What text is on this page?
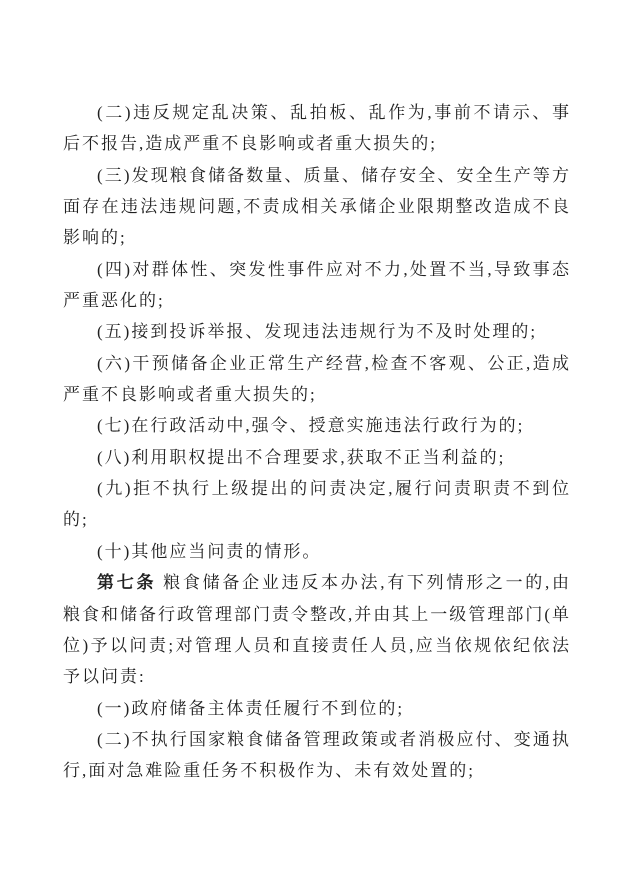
(二)违反规定乱决策、乱拍板、乱作为,事前不请示、事后不报告,造成严重不良影响或者重大损失的;

(三)发现粮食储备数量、质量、储存安全、安全生产等方面存在违法违规问题,不责成相关承储企业限期整改造成不良影响的;

(四)对群体性、突发性事件应对不力,处置不当,导致事态严重恶化的;

(五)接到投诉举报、发现违法违规行为不及时处理的;

(六)干预储备企业正常生产经营,检查不客观、公正,造成严重不良影响或者重大损失的;

(七)在行政活动中,强令、授意实施违法行政行为的;

(八)利用职权提出不合理要求,获取不正当利益的;

(九)拒不执行上级提出的问责决定,履行问责职责不到位的;

(十)其他应当问责的情形。

第七条 粮食储备企业违反本办法,有下列情形之一的,由粮食和储备行政管理部门责令整改,并由其上一级管理部门(单位)予以问责;对管理人员和直接责任人员,应当依规依纪依法予以问责:

(一)政府储备主体责任履行不到位的;

(二)不执行国家粮食储备管理政策或者消极应付、变通执行,面对急难险重任务不积极作为、未有效处置的;
